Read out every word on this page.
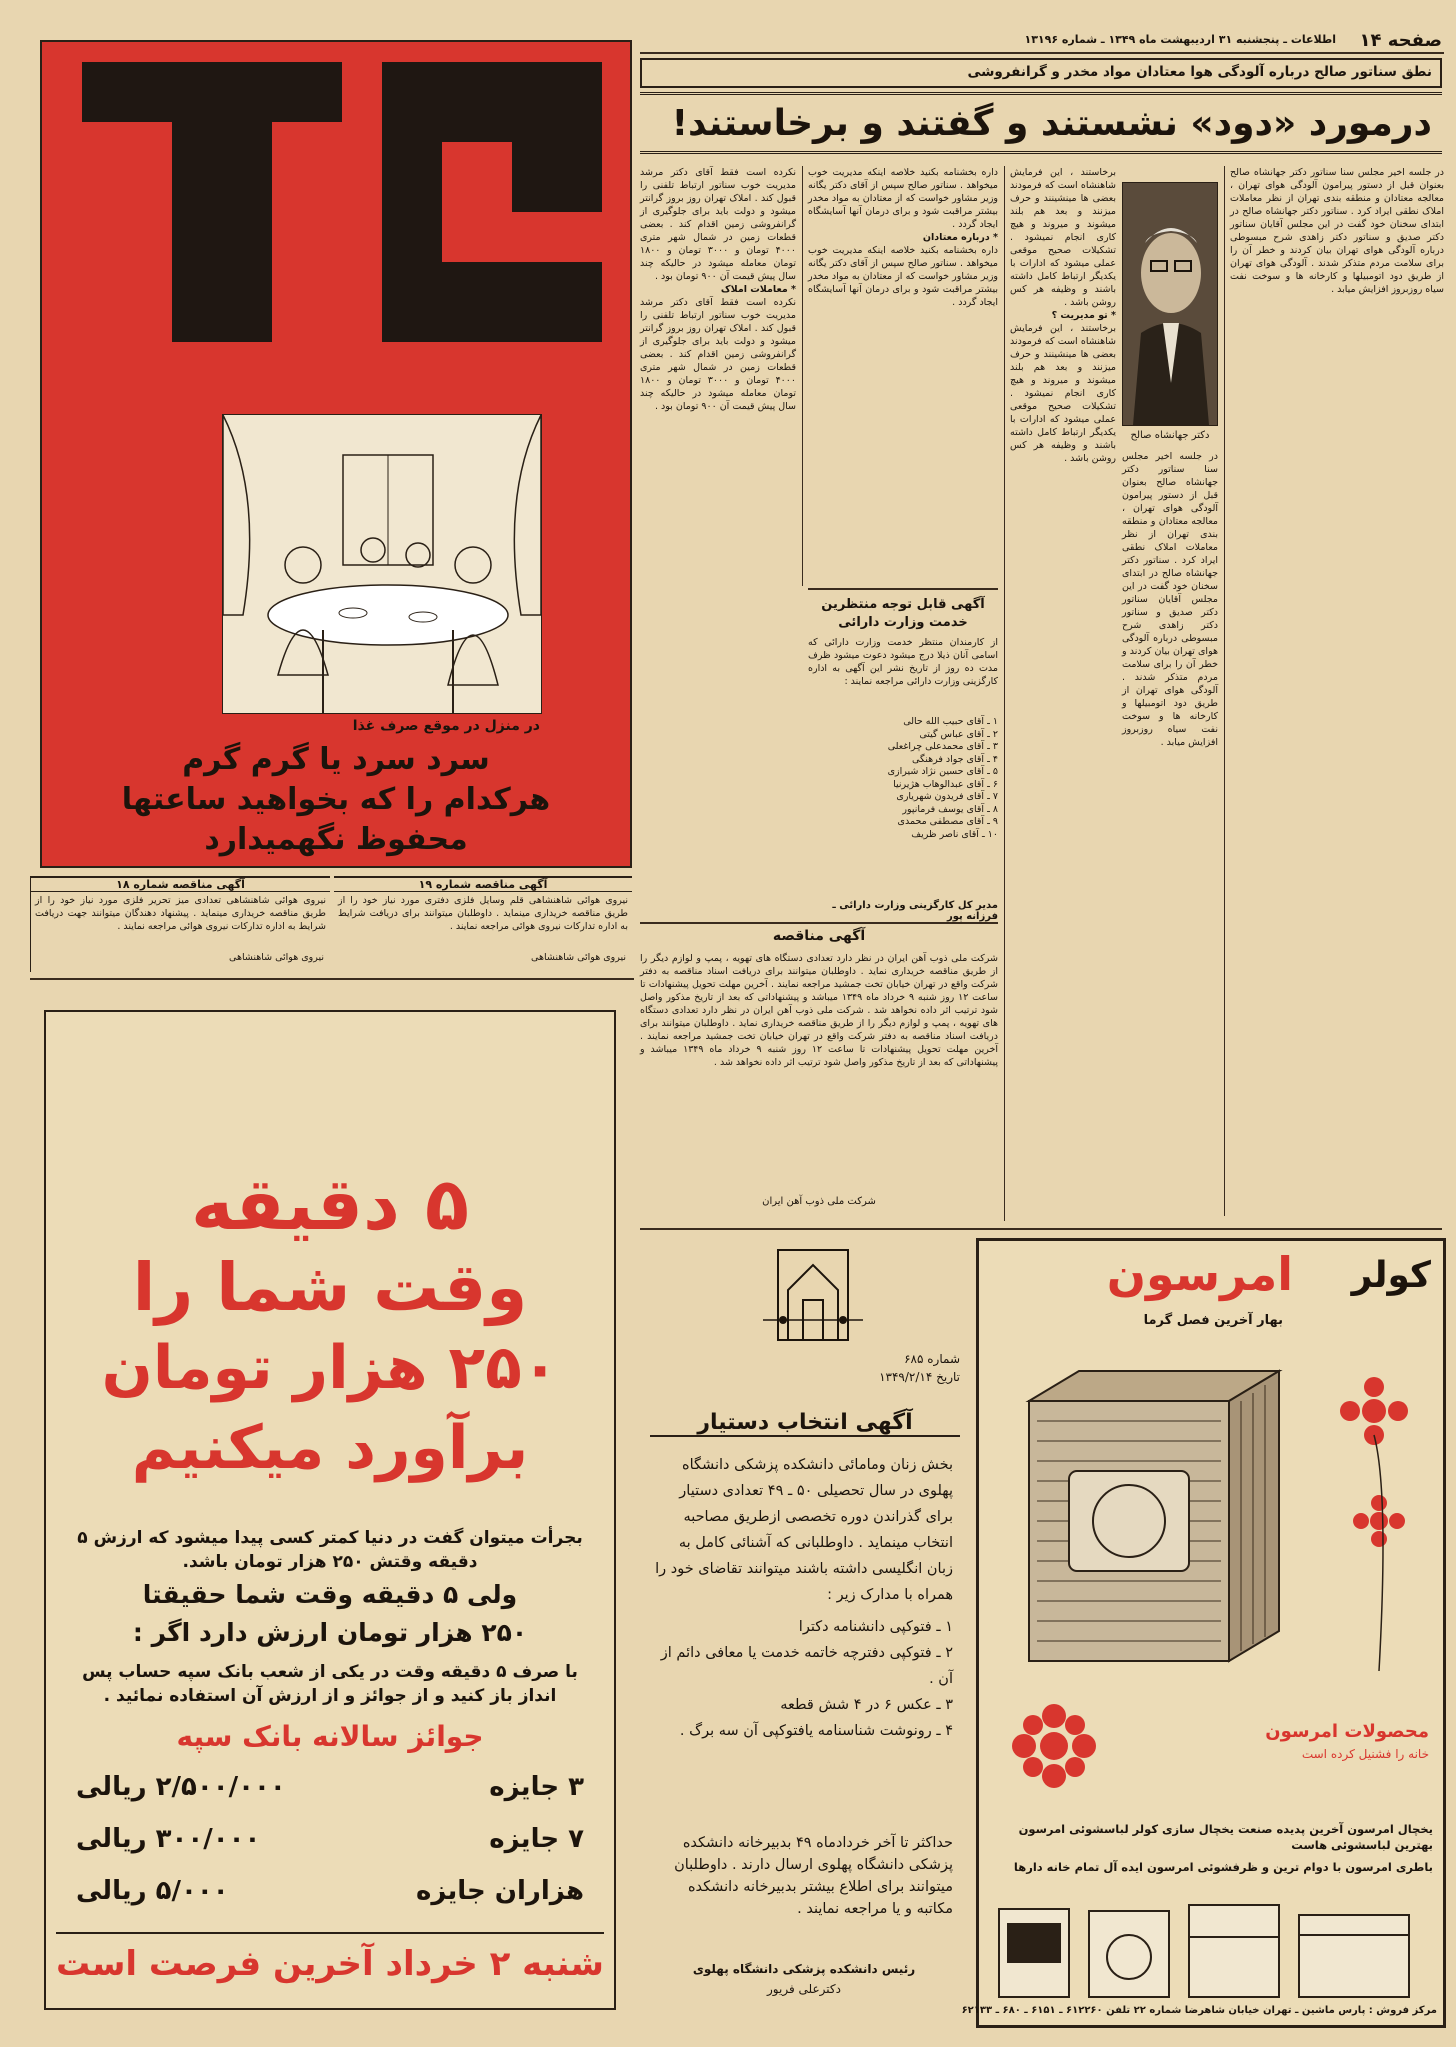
صفحه ۱۴
اطلاعات ـ پنجشنبه ۳۱ اردیبهشت ماه ۱۳۴۹ ـ شماره ۱۳۱۹۶
نطق سناتور صالح درباره آلودگی هوا معتادان مواد مخدر و گرانفروشی
درمورد «دود» نشستند و گفتند و برخاستند!
در جلسه اخیر مجلس سنا سناتور دکتر جهانشاه صالح بعنوان قبل از دستور پیرامون آلودگی هوای تهران ، معالجه معتادان و منطقه بندی تهران از نظر معاملات املاک نطقی ایراد کرد . سناتور دکتر جهانشاه صالح در ابتدای سخنان خود گفت در این مجلس آقایان سناتور دکتر صدیق و سناتور دکتر زاهدی شرح مبسوطی درباره آلودگی هوای تهران بیان کردند و خطر آن را برای سلامت مردم متذکر شدند . آلودگی هوای تهران از طریق دود اتومبیلها و کارخانه ها و سوخت نفت سیاه روزبروز افزایش میابد .
دکتر جهانشاه صالح
برخاستند ، این فرمایش شاهنشاه است که فرمودند بعضی ها مینشینند و حرف میزنند و بعد هم بلند میشوند و میروند و هیچ کاری انجام نمیشود . تشکیلات صحیح موقعی عملی میشود که ادارات با یکدیگر ارتباط کامل داشته باشند و وظیفه هر کس روشن باشد .
* تو مدیریت ؟
برخاستند ، این فرمایش شاهنشاه است که فرمودند بعضی ها مینشینند و حرف میزنند و بعد هم بلند میشوند و میروند و هیچ کاری انجام نمیشود . تشکیلات صحیح موقعی عملی میشود که ادارات با یکدیگر ارتباط کامل داشته باشند و وظیفه هر کس روشن باشد . در جلسه اخیر مجلس سنا سناتور دکتر جهانشاه صالح بعنوان قبل از دستور پیرامون آلودگی هوای تهران ، معالجه معتادان و منطقه بندی تهران از نظر معاملات املاک نطقی ایراد کرد . سناتور دکتر جهانشاه صالح در ابتدای سخنان خود گفت در این مجلس آقایان سناتور دکتر صدیق و سناتور دکتر زاهدی شرح مبسوطی درباره آلودگی هوای تهران بیان کردند و خطر آن را برای سلامت مردم متذکر شدند . آلودگی هوای تهران از طریق دود اتومبیلها و کارخانه ها و سوخت نفت سیاه روزبروز افزایش میابد .
داره بخشنامه بکنید خلاصه اینکه مدیریت خوب میخواهد . سناتور صالح سپس از آقای دکتر یگانه وزیر مشاور خواست که از معتادان به مواد مخدر بیشتر مراقبت شود و برای درمان آنها آسایشگاه ایجاد گردد .
* درباره معتادان
داره بخشنامه بکنید خلاصه اینکه مدیریت خوب میخواهد . سناتور صالح سپس از آقای دکتر یگانه وزیر مشاور خواست که از معتادان به مواد مخدر بیشتر مراقبت شود و برای درمان آنها آسایشگاه ایجاد گردد .
نکرده است فقط آقای دکتر مرشد مدیریت خوب سناتور ارتباط تلفنی را قبول کند . املاک تهران روز بروز گرانتر میشود و دولت باید برای جلوگیری از گرانفروشی زمین اقدام کند . بعضی قطعات زمین در شمال شهر متری ۴۰۰۰ تومان و ۳۰۰۰ تومان و ۱۸۰۰ تومان معامله میشود در حالیکه چند سال پیش قیمت آن ۹۰۰ تومان بود .
* معاملات املاک
نکرده است فقط آقای دکتر مرشد مدیریت خوب سناتور ارتباط تلفنی را قبول کند . املاک تهران روز بروز گرانتر میشود و دولت باید برای جلوگیری از گرانفروشی زمین اقدام کند . بعضی قطعات زمین در شمال شهر متری ۴۰۰۰ تومان و ۳۰۰۰ تومان و ۱۸۰۰ تومان معامله میشود در حالیکه چند سال پیش قیمت آن ۹۰۰ تومان بود .
آگهی قابل توجه منتظرین خدمت وزارت دارائی
از کارمندان منتظر خدمت وزارت دارائی که اسامی آنان ذیلا درج میشود دعوت میشود ظرف مدت ده روز از تاریخ نشر این آگهی به اداره کارگزینی وزارت دارائی مراجعه نمایند :
۱ ـ آقای حبیب الله حالی
۲ ـ آقای عباس گیتی
۳ ـ آقای محمدعلی چراغعلی
۴ ـ آقای جواد فرهنگی
۵ ـ آقای حسین نژاد شیرازی
۶ ـ آقای عبدالوهاب هژیرنیا
۷ ـ آقای فریدون شهریاری
۸ ـ آقای یوسف فرمانپور
۹ ـ آقای مصطفی محمدی
۱۰ ـ آقای ناصر ظریف
مدیر کل کارگزینی وزارت دارائی ـ فرزانه پور
آگهی مناقصه
شرکت ملی ذوب آهن ایران در نظر دارد تعدادی دستگاه های تهویه ، پمپ و لوازم دیگر را از طریق مناقصه خریداری نماید . داوطلبان میتوانند برای دریافت اسناد مناقصه به دفتر شرکت واقع در تهران خیابان تخت جمشید مراجعه نمایند . آخرین مهلت تحویل پیشنهادات تا ساعت ۱۲ روز شنبه ۹ خرداد ماه ۱۳۴۹ میباشد و پیشنهاداتی که بعد از تاریخ مذکور واصل شود ترتیب اثر داده نخواهد شد . شرکت ملی ذوب آهن ایران در نظر دارد تعدادی دستگاه های تهویه ، پمپ و لوازم دیگر را از طریق مناقصه خریداری نماید . داوطلبان میتوانند برای دریافت اسناد مناقصه به دفتر شرکت واقع در تهران خیابان تخت جمشید مراجعه نمایند . آخرین مهلت تحویل پیشنهادات تا ساعت ۱۲ روز شنبه ۹ خرداد ماه ۱۳۴۹ میباشد و پیشنهاداتی که بعد از تاریخ مذکور واصل شود ترتیب اثر داده نخواهد شد .
شرکت ملی ذوب آهن ایران
در منزل در موقع صرف غذا
سرد سرد یا گرم گرم
هرکدام را که بخواهید ساعتها
محفوظ نگهمیدارد
آگهی مناقصه شماره ۱۸
نیروی هوائی شاهنشاهی تعدادی میز تحریر فلزی مورد نیاز خود را از طریق مناقصه خریداری مینماید . پیشنهاد دهندگان میتوانند جهت دریافت شرایط به اداره تدارکات نیروی هوائی مراجعه نمایند .
نیروی هوائی شاهنشاهی
آگهی مناقصه شماره ۱۹
نیروی هوائی شاهنشاهی قلم وسایل فلزی دفتری مورد نیاز خود را از طریق مناقصه خریداری مینماید . داوطلبان میتوانند برای دریافت شرایط به اداره تدارکات نیروی هوائی مراجعه نمایند .
نیروی هوائی شاهنشاهی
۵ دقیقه
وقت شما را
۲۵۰ هزار تومان
برآورد میکنیم
بجرأت میتوان گفت در دنیا کمتر کسی پیدا میشود که ارزش ۵ دقیقه وقتش ۲۵۰ هزار تومان باشد.
ولی ۵ دقیقه وقت شما حقیقتا
۲۵۰ هزار تومان ارزش دارد اگر :
با صرف ۵ دقیقه وقت در یکی از شعب بانک سپه حساب پس انداز باز کنید و از جوائز و از ارزش آن استفاده نمائید .
جوائز سالانه بانک سپه
۳ جایزه
۲/۵۰۰/۰۰۰ ریالی
۷ جایزه
۳۰۰/۰۰۰ ریالی
هزاران جایزه
۵/۰۰۰ ریالی
شنبه ۲ خرداد آخرین فرصت است
شماره ۶۸۵
تاریخ ۱۳۴۹/۲/۱۴
آگهی انتخاب دستیار
بخش زنان ومامائی دانشکده پزشکی دانشگاه پهلوی در سال تحصیلی ۵۰ ـ ۴۹ تعدادی دستیار برای گذراندن دوره تخصصی ازطریق مصاحبه انتخاب مینماید . داوطلبانی که آشنائی کامل به زبان انگلیسی داشته باشند میتوانند تقاضای خود را همراه با مدارک زیر :
۱ ـ فتوکپی دانشنامه دکترا
۲ ـ فتوکپی دفترچه خاتمه خدمت یا معافی دائم از آن .
۳ ـ عکس ۶ در ۴ شش قطعه
۴ ـ رونوشت شناسنامه یافتوکپی آن سه برگ .
حداکثر تا آخر خردادماه ۴۹ بدبیرخانه دانشکده پزشکی دانشگاه پهلوی ارسال دارند . داوطلبان میتوانند برای اطلاع بیشتر بدبیرخانه دانشکده مکاتبه و یا مراجعه نمایند .
رئیس دانشکده پزشکی دانشگاه پهلوی
دکترعلی فریور
کولر
امرسون
بهار آخرین فصل گرما
محصولات امرسون
خانه را فشنیل کرده است
یخچال امرسون آخرین پدیده صنعت یخچال سازی کولر لباسشوئی امرسون بهترین لباسشوئی هاست
باطری امرسون با دوام ترین و ظرفشوئی امرسون ایده آل تمام خانه دارها
مرکز فروش : پارس ماشین ـ تهران خیابان شاهرضا شماره ۲۲ تلفن ۶۱۲۲۶۰ ـ ۶۱۵۱ ـ ۶۸۰ ـ ۶۲۱۳۳
